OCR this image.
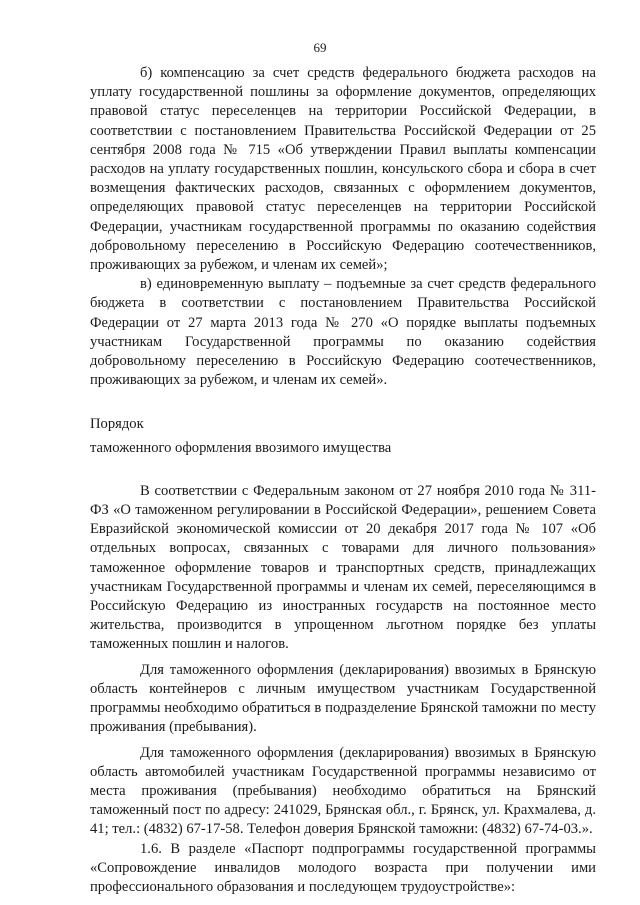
69

б) компенсацию за счет средств федерального бюджета расходов на уплату государственной пошлины за оформление документов, определяющих правовой статус переселенцев на территории Российской Федерации, в соответствии с постановлением Правительства Российской Федерации от 25 сентября 2008 года № 715 «Об утверждении Правил выплаты компенсации расходов на уплату государственных пошлин, консульского сбора и сбора в счет возмещения фактических расходов, связанных с оформлением документов, определяющих правовой статус переселенцев на территории Российской Федерации, участникам государственной программы по оказанию содействия добровольному переселению в Российскую Федерацию соотечественников, проживающих за рубежом, и членам их семей»;

в) единовременную выплату – подъемные за счет средств федерального бюджета в соответствии с постановлением Правительства Российской Федерации от 27 марта 2013 года № 270 «О порядке выплаты подъемных участникам Государственной программы по оказанию содействия добровольному переселению в Российскую Федерацию соотечественников, проживающих за рубежом, и членам их семей».

Порядок

таможенного оформления ввозимого имущества

В соответствии с Федеральным законом от 27 ноября 2010 года № 311-ФЗ «О таможенном регулировании в Российской Федерации», решением Совета Евразийской экономической комиссии от 20 декабря 2017 года № 107 «Об отдельных вопросах, связанных с товарами для личного пользования» таможенное оформление товаров и транспортных средств, принадлежащих участникам Государственной программы и членам их семей, переселяющимся в Российскую Федерацию из иностранных государств на постоянное место жительства, производится в упрощенном льготном порядке без уплаты таможенных пошлин и налогов.

Для таможенного оформления (декларирования) ввозимых в Брянскую область контейнеров с личным имуществом участникам Государственной программы необходимо обратиться в подразделение Брянской таможни по месту проживания (пребывания).

Для таможенного оформления (декларирования) ввозимых в Брянскую область автомобилей участникам Государственной программы независимо от места проживания (пребывания) необходимо обратиться на Брянский таможенный пост по адресу: 241029, Брянская обл., г. Брянск, ул. Крахмалева, д. 41; тел.: (4832) 67-17-58. Телефон доверия Брянской таможни: (4832) 67-74-03.».

1.6. В разделе «Паспорт подпрограммы государственной программы «Сопровождение инвалидов молодого возраста при получении ими профессионального образования и последующем трудоустройстве»:
